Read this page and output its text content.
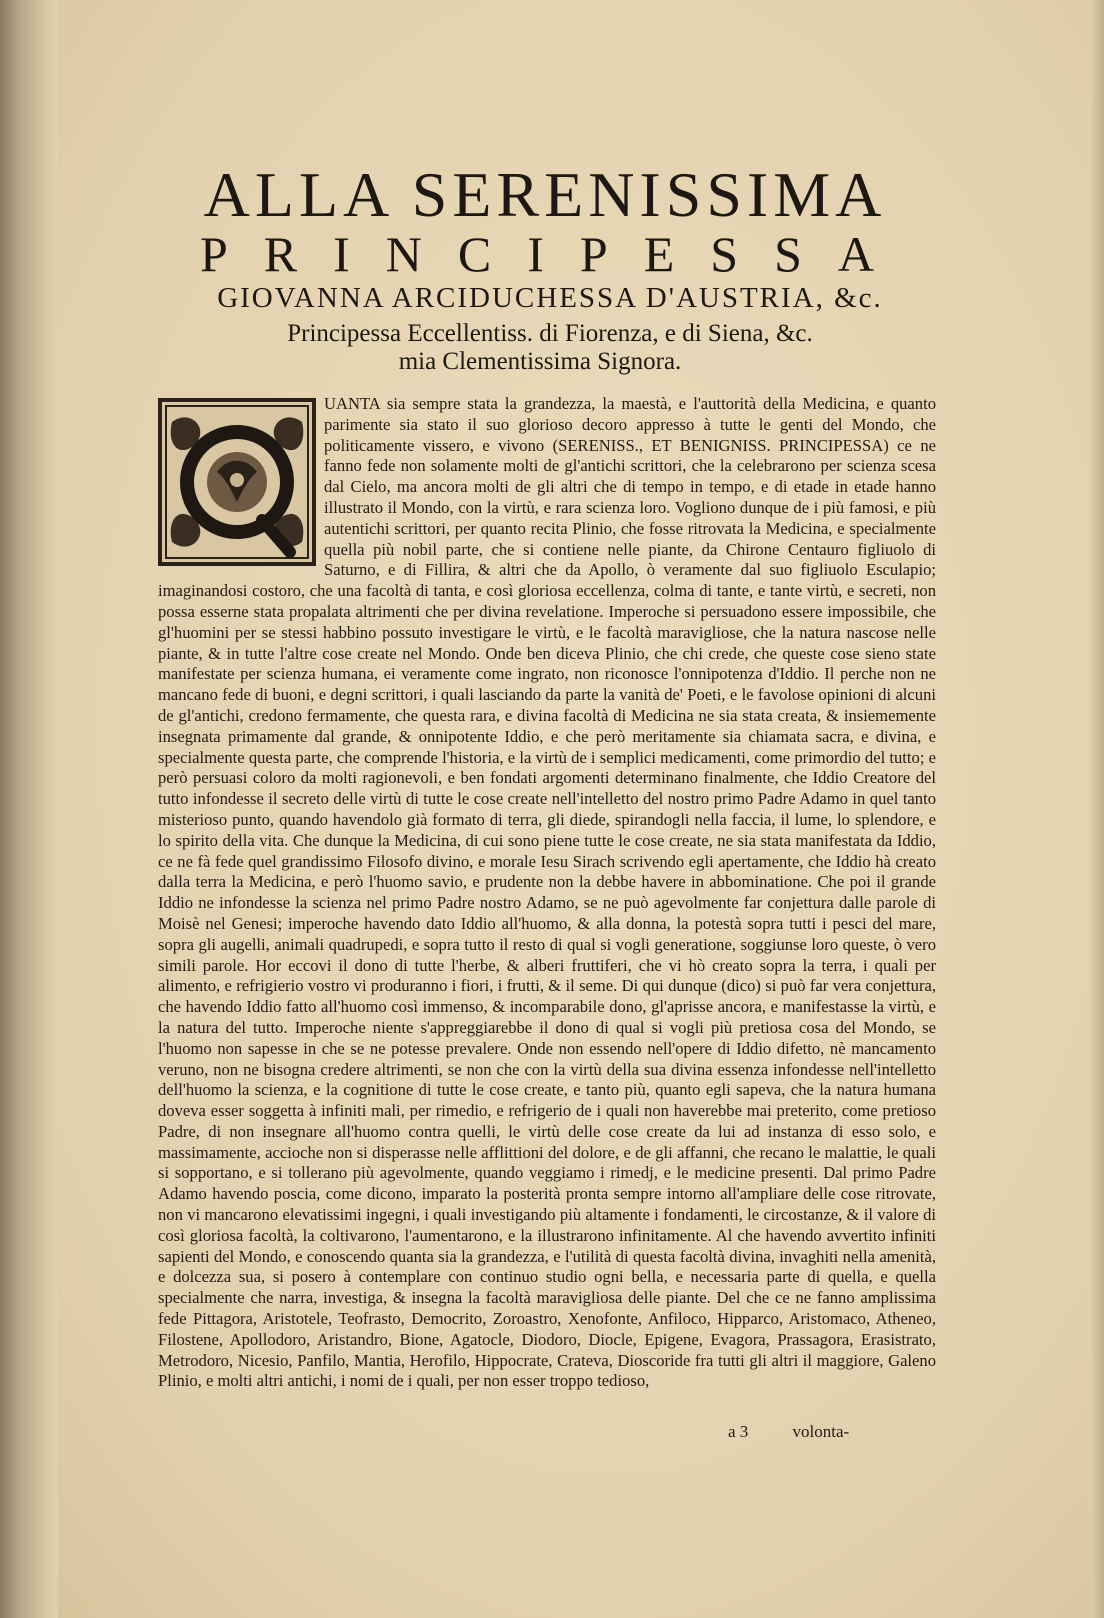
ALLA SERENISSIMA
PRINCIPESSA
GIOVANNA ARCIDUCHESSA D'AUSTRIA, &c.
Principessa Eccellentiss. di Fiorenza, e di Siena, &c.
mia Clementissima Signora.

UANTA sia sempre stata la grandezza, la maestà, e l'auttorità della Medicina, e quanto parimente sia stato il suo glorioso decoro appresso à tutte le genti del Mondo, che politicamente vissero, e vivono (SERENISS., ET BENIGNISS. PRINCIPESSA) ce ne fanno fede non solamente molti de gl'antichi scrittori, che la celebrarono per scienza scesa dal Cielo, ma ancora molti de gli altri che di tempo in tempo, e di etade in etade hanno illustrato il Mondo, con la virtù, e rara scienza loro. Vogliono dunque de i più famosi, e più autentichi scrittori, per quanto recita Plinio, che fosse ritrovata la Medicina, e specialmente quella più nobil parte, che si contiene nelle piante, da Chirone Centauro figliuolo di Saturno, e di Fillira, & altri che da Apollo, ò veramente dal suo figliuolo Esculapio; imaginandosi costoro, che una facoltà di tanta, e così gloriosa eccellenza, colma di tante, e tante virtù, e secreti, non possa esserne stata propalata altrimenti che per divina revelatione. Imperoche si persuadono essere impossibile, che gl'huomini per se stessi habbino possuto investigare le virtù, e le facoltà maravigliose, che la natura nascose nelle piante, & in tutte l'altre cose create nel Mondo. Onde ben diceva Plinio, che chi crede, che queste cose sieno state manifestate per scienza humana, ei veramente come ingrato, non riconosce l'onnipotenza d'Iddio. Il perche non ne mancano fede di buoni, e degni scrittori, i quali lasciando da parte la vanità de' Poeti, e le favolose opinioni di alcuni de gl'antichi, credono fermamente, che questa rara, e divina facoltà di Medicina ne sia stata creata, & insiememente insegnata primamente dal grande, & onnipotente Iddio, e che però meritamente sia chiamata sacra, e divina, e specialmente questa parte, che comprende l'historia, e la virtù de i semplici medicamenti, come primordio del tutto; e però persuasi coloro da molti ragionevoli, e ben fondati argomenti determinano finalmente, che Iddio Creatore del tutto infondesse il secreto delle virtù di tutte le cose create nell'intelletto del nostro primo Padre Adamo in quel tanto misterioso punto, quando havendolo già formato di terra, gli diede, spirandogli nella faccia, il lume, lo splendore, e lo spirito della vita. Che dunque la Medicina, di cui sono piene tutte le cose create, ne sia stata manifestata da Iddio, ce ne fà fede quel grandissimo Filosofo divino, e morale Iesu Sirach scrivendo egli apertamente, che Iddio hà creato dalla terra la Medicina, e però l'huomo savio, e prudente non la debbe havere in abbominatione. Che poi il grande Iddio ne infondesse la scienza nel primo Padre nostro Adamo, se ne può agevolmente far conjettura dalle parole di Moisè nel Genesi; imperoche havendo dato Iddio all'huomo, & alla donna, la potestà sopra tutti i pesci del mare, sopra gli augelli, animali quadrupedi, e sopra tutto il resto di qual si vogli generatione, soggiunse loro queste, ò vero simili parole. Hor eccovi il dono di tutte l'herbe, & alberi fruttiferi, che vi hò creato sopra la terra, i quali per alimento, e refrigierio vostro vi produranno i fiori, i frutti, & il seme. Di qui dunque (dico) si può far vera conjettura, che havendo Iddio fatto all'huomo così immenso, & incomparabile dono, gl'aprisse ancora, e manifestasse la virtù, e la natura del tutto. Imperoche niente s'appreggiarebbe il dono di qual si vogli più pretiosa cosa del Mondo, se l'huomo non sapesse in che se ne potesse prevalere. Onde non essendo nell'opere di Iddio difetto, nè mancamento veruno, non ne bisogna credere altrimenti, se non che con la virtù della sua divina essenza infondesse nell'intelletto dell'huomo la scienza, e la cognitione di tutte le cose create, e tanto più, quanto egli sapeva, che la natura humana doveva esser soggetta à infiniti mali, per rimedio, e refrigerio de i quali non haverebbe mai preterito, come pretioso Padre, di non insegnare all'huomo contra quelli, le virtù delle cose create da lui ad instanza di esso solo, e massimamente, accioche non si disperasse nelle afflittioni del dolore, e de gli affanni, che recano le malattie, le quali si sopportano, e si tollerano più agevolmente, quando veggiamo i rimedj, e le medicine presenti. Dal primo Padre Adamo havendo poscia, come dicono, imparato la posterità pronta sempre intorno all'ampliare delle cose ritrovate, non vi mancarono elevatissimi ingegni, i quali investigando più altamente i fondamenti, le circostanze, & il valore di così gloriosa facoltà, la coltivarono, l'aumentarono, e la illustrarono infinitamente. Al che havendo avvertito infiniti sapienti del Mondo, e conoscendo quanta sia la grandezza, e l'utilità di questa facoltà divina, invaghiti nella amenità, e dolcezza sua, si posero à contemplare con continuo studio ogni bella, e necessaria parte di quella, e quella specialmente che narra, investiga, & insegna la facoltà maravigliosa delle piante. Del che ce ne fanno amplissima fede Pittagora, Aristotele, Teofrasto, Democrito, Zoroastro, Xenofonte, Anfiloco, Hipparco, Aristomaco, Atheneo, Filostene, Apollodoro, Aristandro, Bione, Agatocle, Diodoro, Diocle, Epigene, Evagora, Prassagora, Erasistrato, Metrodoro, Nicesio, Panfilo, Mantia, Herofilo, Hippocrate, Crateva, Dioscoride fra tutti gli altri il maggiore, Galeno Plinio, e molti altri antichi, i nomi de i quali, per non esser troppo tedioso,

a 3	volonta-
